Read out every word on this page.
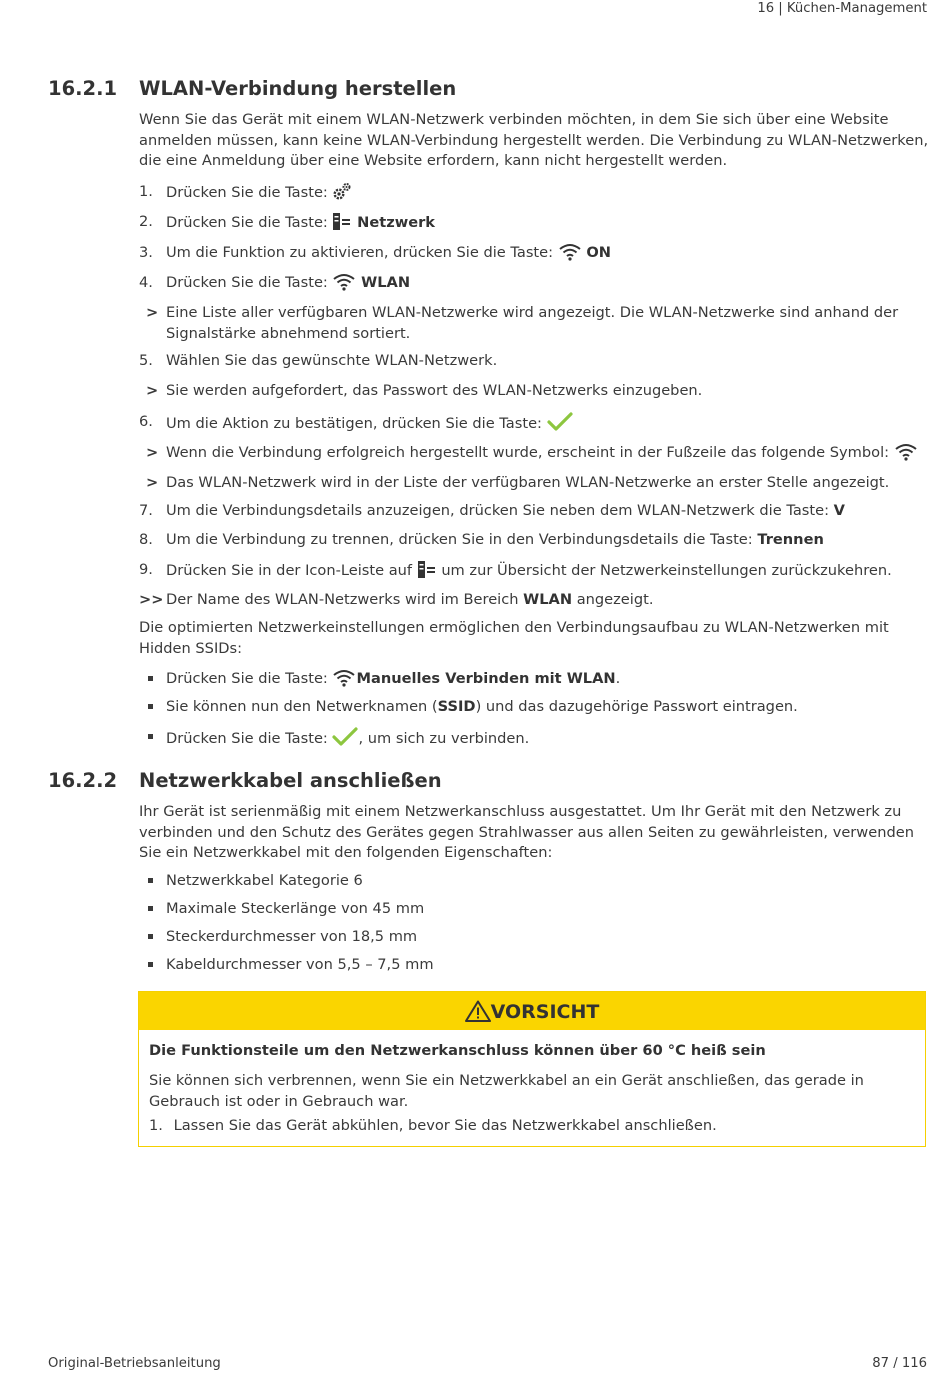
16 | Küchen-Management
16.2.1 WLAN-Verbindung herstellen
Wenn Sie das Gerät mit einem WLAN-Netzwerk verbinden möchten, in dem Sie sich über eine Website anmelden müssen, kann keine WLAN-Verbindung hergestellt werden. Die Verbindung zu WLAN-Netzwerken, die eine Anmeldung über eine Website erfordern, kann nicht hergestellt werden.
1. Drücken Sie die Taste:
2. Drücken Sie die Taste: Netzwerk
3. Um die Funktion zu aktivieren, drücken Sie die Taste: ON
4. Drücken Sie die Taste: WLAN
> Eine Liste aller verfügbaren WLAN-Netzwerke wird angezeigt. Die WLAN-Netzwerke sind anhand der Signalstärke abnehmend sortiert.
5. Wählen Sie das gewünschte WLAN-Netzwerk.
> Sie werden aufgefordert, das Passwort des WLAN-Netzwerks einzugeben.
6. Um die Aktion zu bestätigen, drücken Sie die Taste:
> Wenn die Verbindung erfolgreich hergestellt wurde, erscheint in der Fußzeile das folgende Symbol:
> Das WLAN-Netzwerk wird in der Liste der verfügbaren WLAN-Netzwerke an erster Stelle angezeigt.
7. Um die Verbindungsdetails anzuzeigen, drücken Sie neben dem WLAN-Netzwerk die Taste: V
8. Um die Verbindung zu trennen, drücken Sie in den Verbindungsdetails die Taste: Trennen
9. Drücken Sie in der Icon-Leiste auf um zur Übersicht der Netzwerkeinstellungen zurückzukehren.
>> Der Name des WLAN-Netzwerks wird im Bereich WLAN angezeigt.
Die optimierten Netzwerkeinstellungen ermöglichen den Verbindungsaufbau zu WLAN-Netzwerken mit Hidden SSIDs:
Drücken Sie die Taste: Manuelles Verbinden mit WLAN.
Sie können nun den Netwerknamen (SSID) und das dazugehörige Passwort eintragen.
Drücken Sie die Taste: , um sich zu verbinden.
16.2.2 Netzwerkkabel anschließen
Ihr Gerät ist serienmäßig mit einem Netzwerkanschluss ausgestattet. Um Ihr Gerät mit den Netzwerk zu verbinden und den Schutz des Gerätes gegen Strahlwasser aus allen Seiten zu gewährleisten, verwenden Sie ein Netzwerkkabel mit den folgenden Eigenschaften:
Netzwerkkabel Kategorie 6
Maximale Steckerlänge von 45 mm
Steckerdurchmesser von 18,5 mm
Kabeldurchmesser von 5,5 – 7,5 mm
VORSICHT
Die Funktionsteile um den Netzwerkanschluss können über 60 °C heiß sein
Sie können sich verbrennen, wenn Sie ein Netzwerkkabel an ein Gerät anschließen, das gerade in Gebrauch ist oder in Gebrauch war.
1. Lassen Sie das Gerät abkühlen, bevor Sie das Netzwerkkabel anschließen.
Original-Betriebsanleitung	87 / 116
